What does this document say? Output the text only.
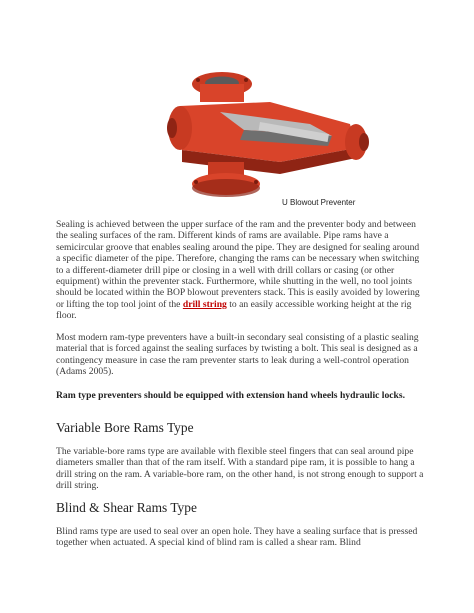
U Blowout Preventer

Sealing is achieved between the upper surface of the ram and the preventer body and between the sealing surfaces of the ram. Different kinds of rams are available. Pipe rams have a semicircular groove that enables sealing around the pipe. They are designed for sealing around a specific diameter of the pipe. Therefore, changing the rams can be necessary when switching to a different-diameter drill pipe or closing in a well with drill collars or casing (or other equipment) within the preventer stack. Furthermore, while shutting in the well, no tool joints should be located within the BOP blowout preventers stack. This is easily avoided by lowering or lifting the top tool joint of the drill string to an easily accessible working height at the rig floor.

Most modern ram-type preventers have a built-in secondary seal consisting of a plastic sealing material that is forced against the sealing surfaces by twisting a bolt. This seal is designed as a contingency measure in case the ram preventer starts to leak during a well-control operation (Adams 2005).

Ram type preventers should be equipped with extension hand wheels hydraulic locks.

Variable Bore Rams Type

The variable-bore rams type are available with flexible steel fingers that can seal around pipe diameters smaller than that of the ram itself. With a standard pipe ram, it is possible to hang a drill string on the ram. A variable-bore ram, on the other hand, is not strong enough to support a drill string.

Blind & Shear Rams Type

Blind rams type are used to seal over an open hole. They have a sealing surface that is pressed together when actuated. A special kind of blind ram is called a shear ram. Blind
